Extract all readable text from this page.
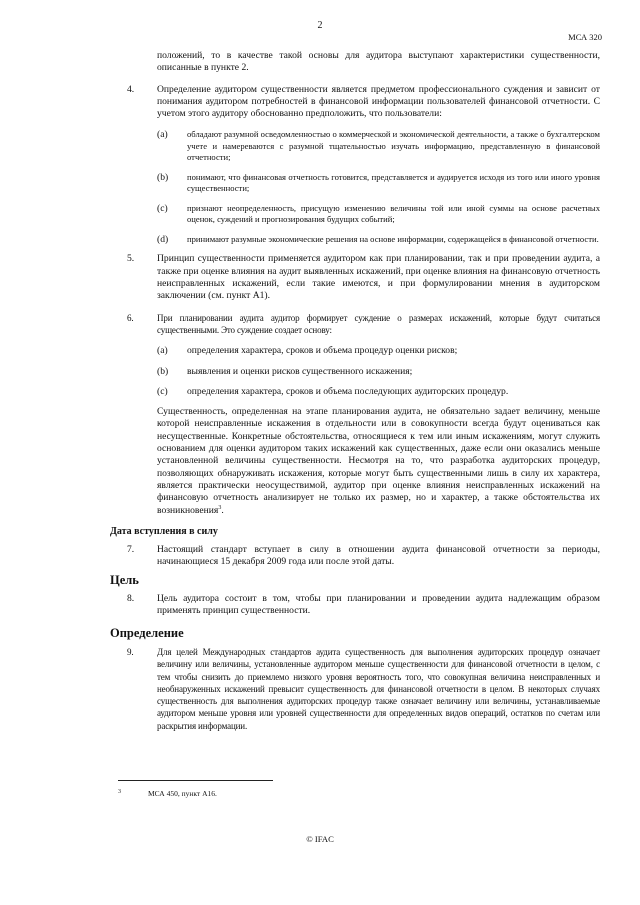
2
МСА 320
положений, то в качестве такой основы для аудитора выступают характеристики существенности, описанные в пункте 2.
4. Определение аудитором существенности является предметом профессионального суждения и зависит от понимания аудитором потребностей в финансовой информации пользователей финансовой отчетности. С учетом этого аудитору обоснованно предположить, что пользователи:
(a) обладают разумной осведомленностью о коммерческой и экономической деятельности, а также о бухгалтерском учете и намереваются с разумной тщательностью изучать информацию, представленную в финансовой отчетности;
(b) понимают, что финансовая отчетность готовится, представляется и аудируется исходя из того или иного уровня существенности;
(c) признают неопределенность, присущую изменению величины той или иной суммы на основе расчетных оценок, суждений и прогнозирования будущих событий;
(d) принимают разумные экономические решения на основе информации, содержащейся в финансовой отчетности.
5. Принцип существенности применяется аудитором как при планировании, так и при проведении аудита, а также при оценке влияния на аудит выявленных искажений, при оценке влияния на финансовую отчетность неисправленных искажений, если такие имеются, и при формулировании мнения в аудиторском заключении (см. пункт А1).
6.	При планировании аудита аудитор формирует суждение о размерах искажений, которые будут считаться существенными. Это суждение создает основу:
(a) определения характера, сроков и объема процедур оценки рисков;
(b) выявления и оценки рисков существенного искажения;
(c) определения характера, сроков и объема последующих аудиторских процедур.
Существенность, определенная на этапе планирования аудита, не обязательно задает величину, меньше которой неисправленные искажения в отдельности или в совокупности всегда будут оцениваться как несущественные. Конкретные обстоятельства, относящиеся к тем или иным искажениям, могут служить основанием для оценки аудитором таких искажений как существенных, даже если они оказались меньше установленной величины существенности. Несмотря на то, что разработка аудиторских процедур, позволяющих обнаруживать искажения, которые могут быть существенными лишь в силу их характера, является практически неосуществимой, аудитор при оценке влияния неисправленных искажений на финансовую отчетность анализирует не только их размер, но и характер, а также обстоятельства их возникновения$^3$.
Дата вступления в силу
7. Настоящий стандарт вступает в силу в отношении аудита финансовой отчетности за периоды, начинающиеся 15 декабря 2009 года или после этой даты.
Цель
8. Цель аудитора состоит в том, чтобы при планировании и проведении аудита надлежащим образом применять принцип существенности.
Определение
9.	Для целей Международных стандартов аудита существенность для выполнения аудиторских процедур означает величину или величины, установленные аудитором меньше существенности для финансовой отчетности в целом, с тем чтобы снизить до приемлемо низкого уровня вероятность того, что совокупная величина неисправленных и необнаруженных искажений превысит существенность для финансовой отчетности в целом. В некоторых случаях существенность для выполнения аудиторских процедур также означает величину или величины, устанавливаемые аудитором меньше уровня или уровней существенности для определенных видов операций, остатков по счетам или раскрытия информации.
3	МСА 450, пункт А16.
© IFAC
